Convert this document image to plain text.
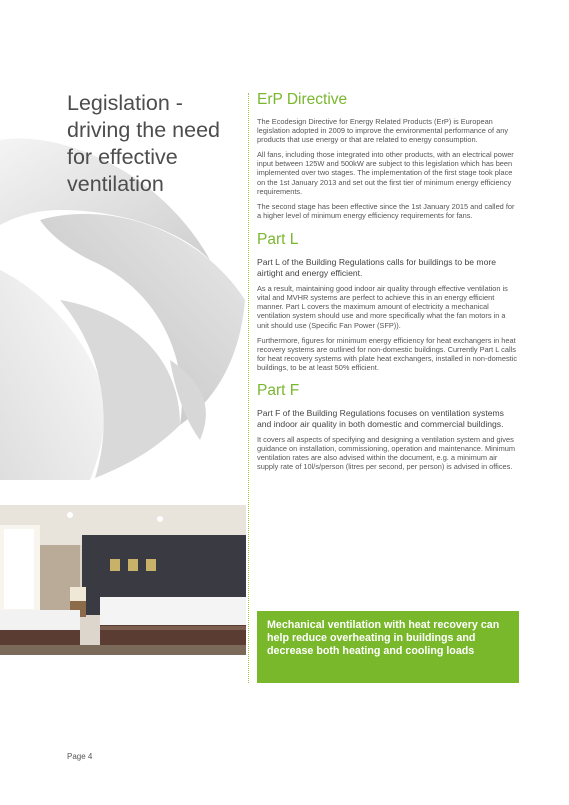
Legislation - driving the need for effective ventilation
ErP Directive

The Ecodesign Directive for Energy Related Products (ErP) is European legislation adopted in 2009 to improve the environmental performance of any products that use energy or that are related to energy consumption.

All fans, including those integrated into other products, with an electrical power input between 125W and 500kW are subject to this legislation which has been implemented over two stages. The implementation of the first stage took place on the 1st January 2013 and set out the first tier of minimum energy efficiency requirements.

The second stage has been effective since the 1st January 2015 and called for a higher level of minimum energy efficiency requirements for fans.

Part L

Part L of the Building Regulations calls for buildings to be more airtight and energy efficient.

As a result, maintaining good indoor air quality through effective ventilation is vital and MVHR systems are perfect to achieve this in an energy efficient manner. Part L covers the maximum amount of electricity a mechanical ventilation system should use and more specifically what the fan motors in a unit should use (Specific Fan Power (SFP)).

Furthermore, figures for minimum energy efficiency for heat exchangers in heat recovery systems are outlined for non-domestic buildings. Currently Part L calls for heat recovery systems with plate heat exchangers, installed in non-domestic buildings, to be at least 50% efficient.

Part F

Part F of the Building Regulations focuses on ventilation systems and indoor air quality in both domestic and commercial buildings.

It covers all aspects of specifying and designing a ventilation system and gives guidance on installation, commissioning, operation and maintenance. Minimum ventilation rates are also advised within the document, e.g. a minimum air supply rate of 10l/s/person (litres per second, per person) is advised in offices.

Mechanical ventilation with heat recovery can help reduce overheating in buildings and decrease both heating and cooling loads

Page 4
